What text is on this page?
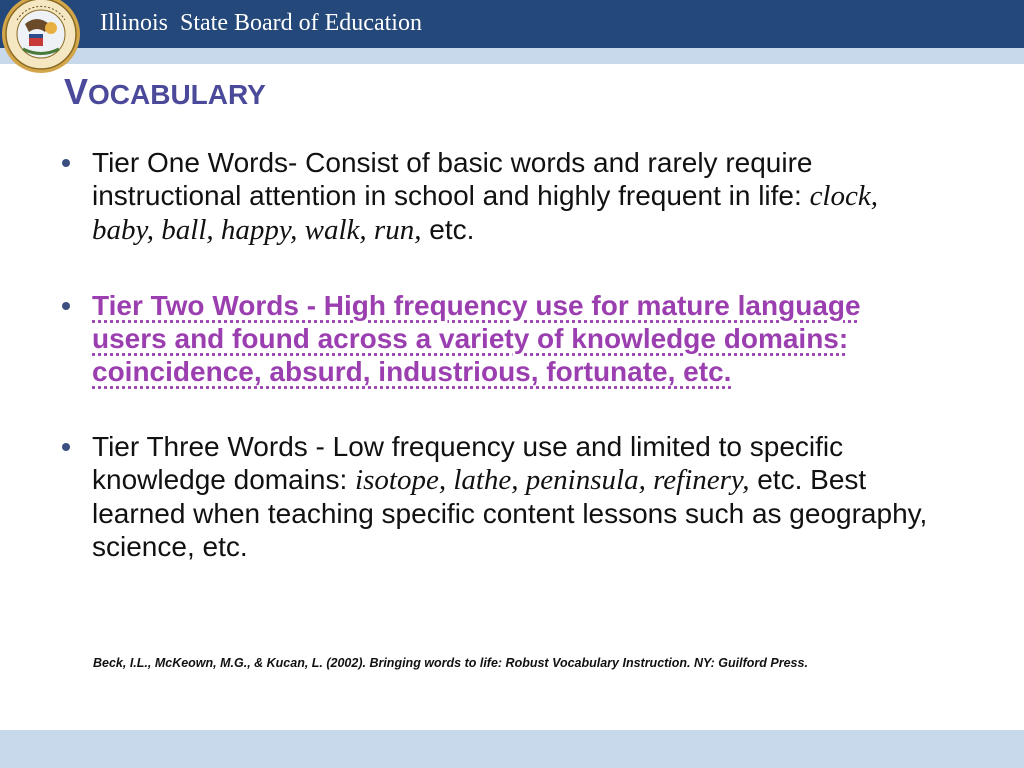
Illinois  State Board of Education
VOCABULARY
Tier One Words- Consist of basic words and rarely require instructional attention in school and highly frequent in life: clock, baby, ball, happy, walk, run, etc.
Tier Two Words - High frequency use for mature language users and found across a variety of knowledge domains: coincidence, absurd, industrious, fortunate, etc.
Tier Three Words - Low frequency use and limited to specific knowledge domains: isotope, lathe, peninsula, refinery, etc. Best learned when teaching specific content lessons such as geography, science, etc.
Beck, I.L., McKeown, M.G., & Kucan, L. (2002). Bringing words to life: Robust Vocabulary Instruction. NY: Guilford Press.
